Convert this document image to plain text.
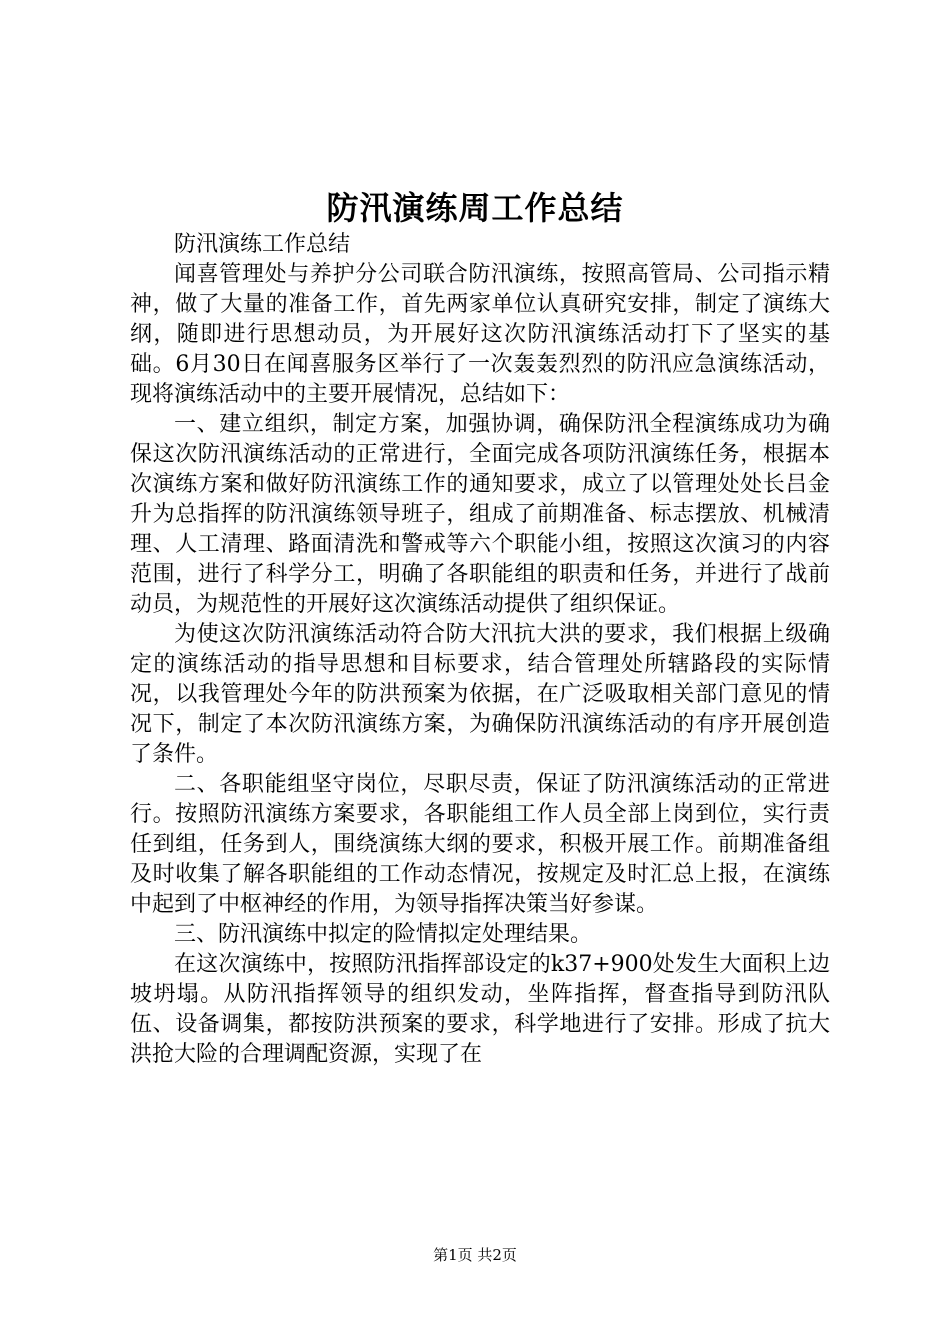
防汛演练周工作总结

防汛演练工作总结

闻喜管理处与养护分公司联合防汛演练，按照高管局、公司指示精神，做了大量的准备工作，首先两家单位认真研究安排，制定了演练大纲，随即进行思想动员，为开展好这次防汛演练活动打下了坚实的基础。6月30日在闻喜服务区举行了一次轰轰烈烈的防汛应急演练活动，现将演练活动中的主要开展情况，总结如下：

一、建立组织，制定方案，加强协调，确保防汛全程演练成功为确保这次防汛演练活动的正常进行，全面完成各项防汛演练任务，根据本次演练方案和做好防汛演练工作的通知要求，成立了以管理处处长吕金升为总指挥的防汛演练领导班子，组成了前期准备、标志摆放、机械清理、人工清理、路面清洗和警戒等六个职能小组，按照这次演习的内容范围，进行了科学分工，明确了各职能组的职责和任务，并进行了战前动员，为规范性的开展好这次演练活动提供了组织保证。

为使这次防汛演练活动符合防大汛抗大洪的要求，我们根据上级确定的演练活动的指导思想和目标要求，结合管理处所辖路段的实际情况，以我管理处今年的防洪预案为依据，在广泛吸取相关部门意见的情况下，制定了本次防汛演练方案，为确保防汛演练活动的有序开展创造了条件。

二、各职能组坚守岗位，尽职尽责，保证了防汛演练活动的正常进行。按照防汛演练方案要求，各职能组工作人员全部上岗到位，实行责任到组，任务到人，围绕演练大纲的要求，积极开展工作。前期准备组及时收集了解各职能组的工作动态情况，按规定及时汇总上报，在演练中起到了中枢神经的作用，为领导指挥决策当好参谋。

三、防汛演练中拟定的险情拟定处理结果。

在这次演练中，按照防汛指挥部设定的k37+900处发生大面积上边坡坍塌。从防汛指挥领导的组织发动，坐阵指挥，督查指导到防汛队伍、设备调集，都按防洪预案的要求，科学地进行了安排。形成了抗大洪抢大险的合理调配资源，实现了在

第1页 共2页
